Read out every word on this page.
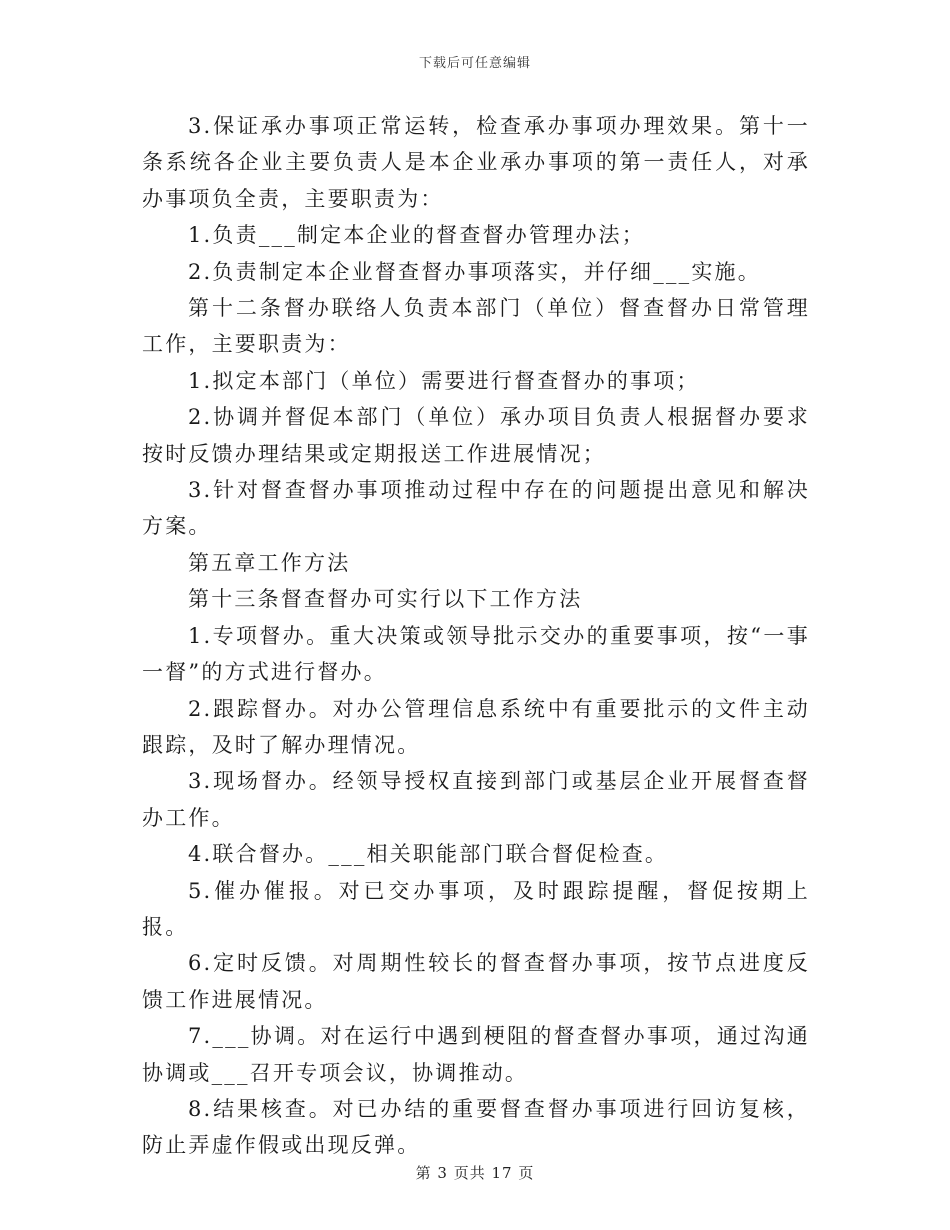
下载后可任意编辑

3.保证承办事项正常运转，检查承办事项办理效果。第十一条系统各企业主要负责人是本企业承办事项的第一责任人，对承办事项负全责，主要职责为：

1.负责___制定本企业的督查督办管理办法；

2.负责制定本企业督查督办事项落实，并仔细___实施。

第十二条督办联络人负责本部门（单位）督查督办日常管理工作，主要职责为：

1.拟定本部门（单位）需要进行督查督办的事项；

2.协调并督促本部门（单位）承办项目负责人根据督办要求按时反馈办理结果或定期报送工作进展情况；

3.针对督查督办事项推动过程中存在的问题提出意见和解决方案。

第五章工作方法

第十三条督查督办可实行以下工作方法

1.专项督办。重大决策或领导批示交办的重要事项，按“一事一督”的方式进行督办。

2.跟踪督办。对办公管理信息系统中有重要批示的文件主动跟踪，及时了解办理情况。

3.现场督办。经领导授权直接到部门或基层企业开展督查督办工作。

4.联合督办。___相关职能部门联合督促检查。

5.催办催报。对已交办事项，及时跟踪提醒，督促按期上报。

6.定时反馈。对周期性较长的督查督办事项，按节点进度反馈工作进展情况。

7.___协调。对在运行中遇到梗阻的督查督办事项，通过沟通协调或___召开专项会议，协调推动。

8.结果核查。对已办结的重要督查督办事项进行回访复核，防止弄虚作假或出现反弹。

第 3 页共 17 页
